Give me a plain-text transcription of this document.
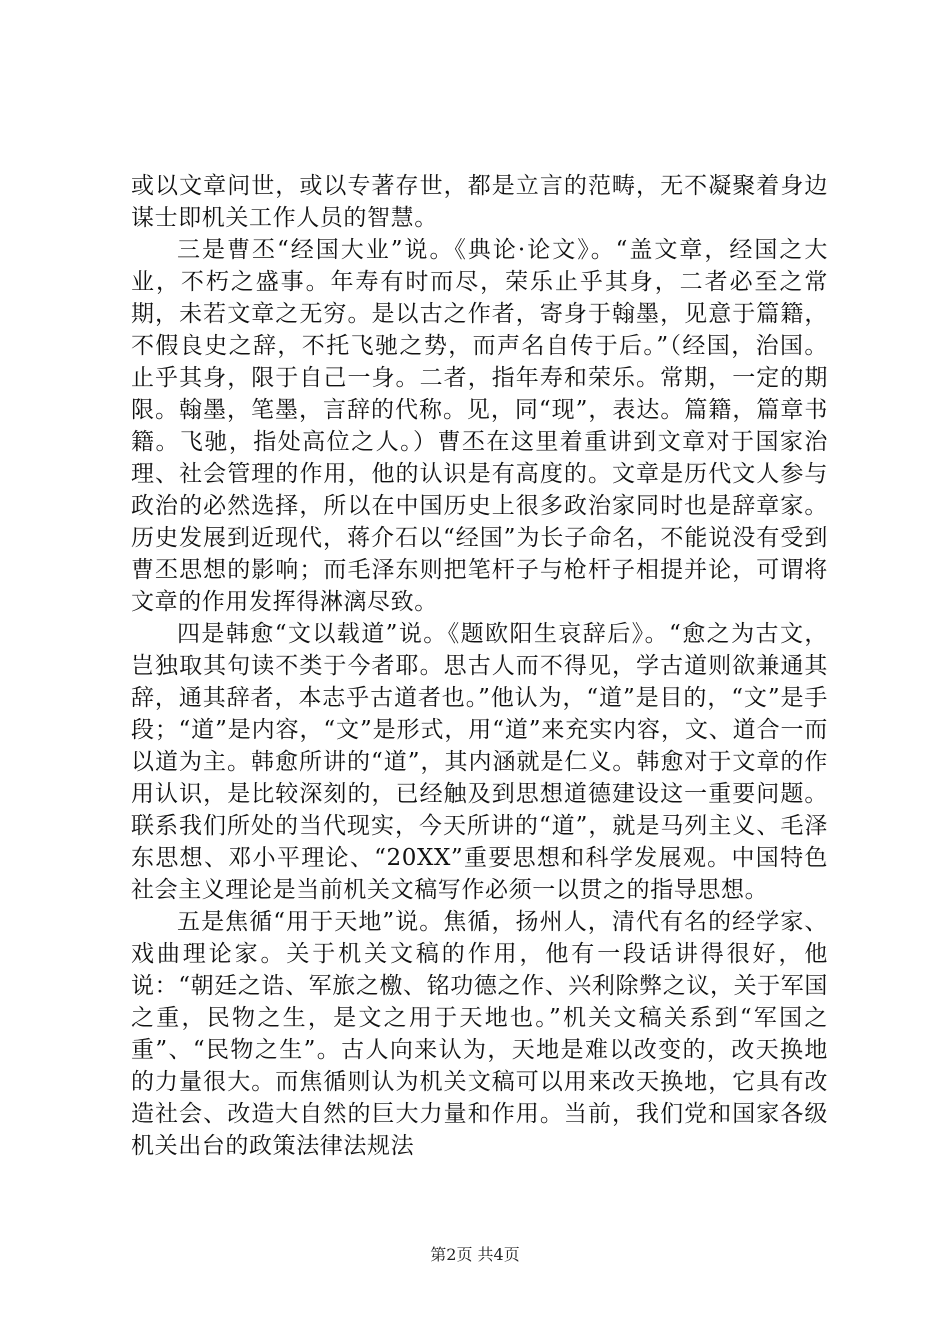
或以文章问世，或以专著存世，都是立言的范畴，无不凝聚着身边谋士即机关工作人员的智慧。

三是曹丕“经国大业”说。《典论·论文》。“盖文章，经国之大业，不朽之盛事。年寿有时而尽，荣乐止乎其身，二者必至之常期，未若文章之无穷。是以古之作者，寄身于翰墨，见意于篇籍，不假良史之辞，不托飞驰之势，而声名自传于后。”（经国，治国。止乎其身，限于自己一身。二者，指年寿和荣乐。常期，一定的期限。翰墨，笔墨，言辞的代称。见，同“现”，表达。篇籍，篇章书籍。飞驰，指处高位之人。）曹丕在这里着重讲到文章对于国家治理、社会管理的作用，他的认识是有高度的。文章是历代文人参与政治的必然选择，所以在中国历史上很多政治家同时也是辞章家。历史发展到近现代，蒋介石以“经国”为长子命名，不能说没有受到曹丕思想的影响；而毛泽东则把笔杆子与枪杆子相提并论，可谓将文章的作用发挥得淋漓尽致。

四是韩愈“文以载道”说。《题欧阳生哀辞后》。“愈之为古文，岂独取其句读不类于今者耶。思古人而不得见，学古道则欲兼通其辞，通其辞者，本志乎古道者也。”他认为，“道”是目的，“文”是手段；“道”是内容，“文”是形式，用“道”来充实内容，文、道合一而以道为主。韩愈所讲的“道”，其内涵就是仁义。韩愈对于文章的作用认识，是比较深刻的，已经触及到思想道德建设这一重要问题。联系我们所处的当代现实，今天所讲的“道”，就是马列主义、毛泽东思想、邓小平理论、“20XX”重要思想和科学发展观。中国特色社会主义理论是当前机关文稿写作必须一以贯之的指导思想。

五是焦循“用于天地”说。焦循，扬州人，清代有名的经学家、戏曲理论家。关于机关文稿的作用，他有一段话讲得很好，他说：“朝廷之诰、军旅之檄、铭功德之作、兴利除弊之议，关于军国之重，民物之生，是文之用于天地也。”机关文稿关系到“军国之重”、“民物之生”。古人向来认为，天地是难以改变的，改天换地的力量很大。而焦循则认为机关文稿可以用来改天换地，它具有改造社会、改造大自然的巨大力量和作用。当前，我们党和国家各级机关出台的政策法律法规法

第2页 共4页
